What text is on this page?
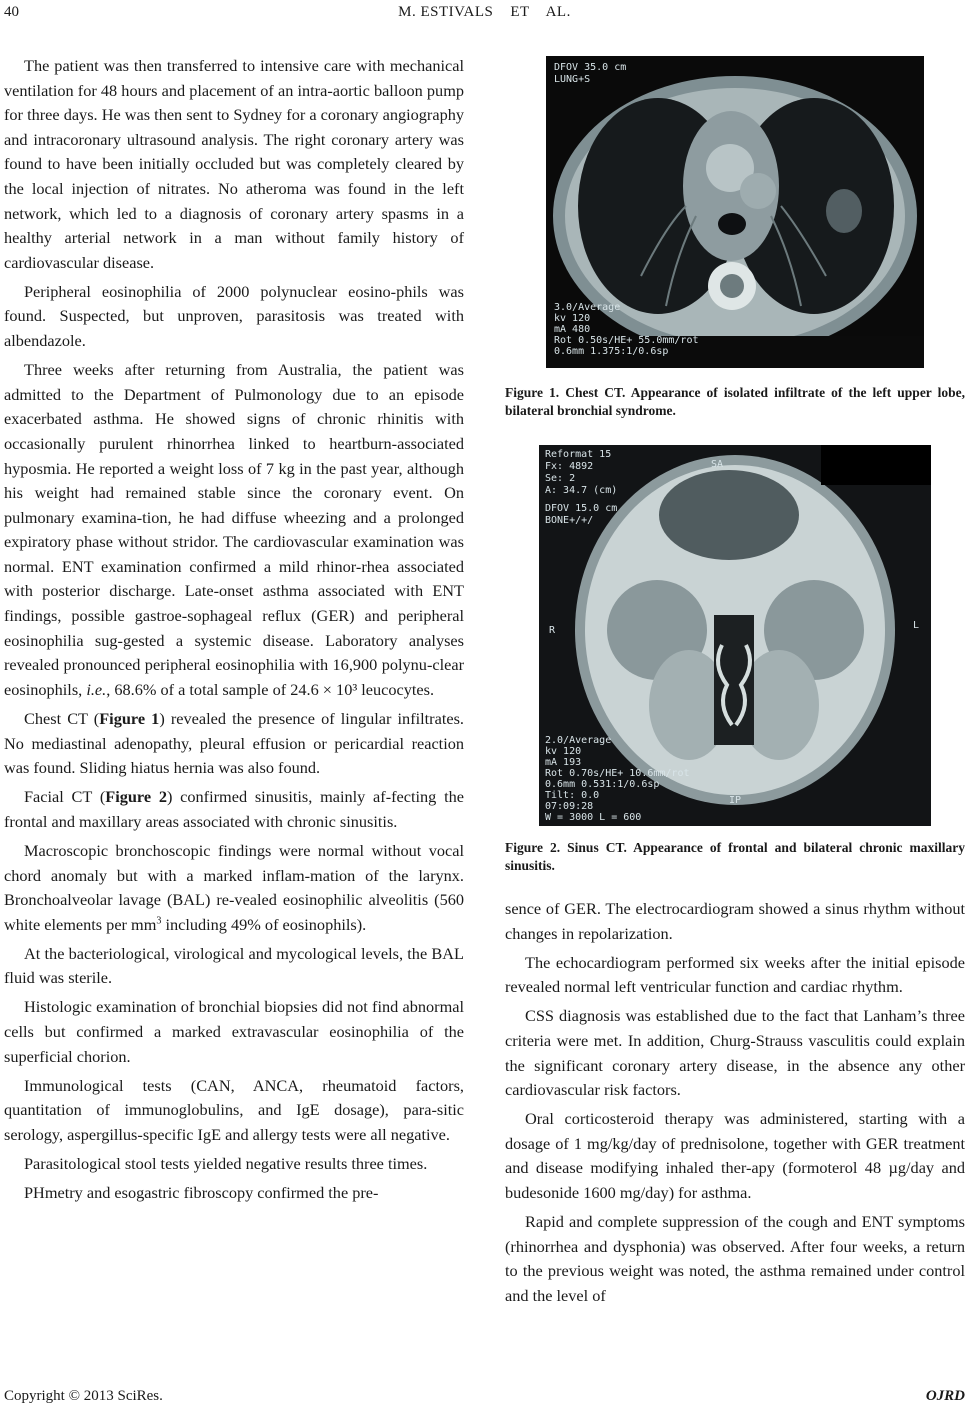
40	M. ESTIVALS    ET    AL.

The patient was then transferred to intensive care with mechanical ventilation for 48 hours and placement of an intra-aortic balloon pump for three days. He was then sent to Sydney for a coronary angiography and intracoronary ultrasound analysis. The right coronary artery was found to have been initially occluded but was completely cleared by the local injection of nitrates. No atheroma was found in the left network, which led to a diagnosis of coronary artery spasms in a healthy arterial network in a man without family history of cardiovascular disease.

Peripheral eosinophilia of 2000 polynuclear eosino-phils was found. Suspected, but unproven, parasitosis was treated with albendazole.

Three weeks after returning from Australia, the patient was admitted to the Department of Pulmonology due to an episode exacerbated asthma. He showed signs of chronic rhinitis with occasionally purulent rhinorrhea linked to heartburn-associated hyposmia. He reported a weight loss of 7 kg in the past year, although his weight had remained stable since the coronary event. On pulmonary examina-tion, he had diffuse wheezing and a prolonged expiratory phase without stridor. The cardiovascular examination was normal. ENT examination confirmed a mild rhinor-rhea associated with posterior discharge. Late-onset asthma associated with ENT findings, possible gastroe-sophageal reflux (GER) and peripheral eosinophilia sug-gested a systemic disease. Laboratory analyses revealed pronounced peripheral eosinophilia with 16,900 polynu-clear eosinophils, i.e., 68.6% of a total sample of 24.6 × 10³ leucocytes.

Chest CT (Figure 1) revealed the presence of lingular infiltrates. No mediastinal adenopathy, pleural effusion or pericardial reaction was found. Sliding hiatus hernia was also found.

Facial CT (Figure 2) confirmed sinusitis, mainly af-fecting the frontal and maxillary areas associated with chronic sinusitis.

Macroscopic bronchoscopic findings were normal without vocal chord anomaly but with a marked inflam-mation of the larynx. Bronchoalveolar lavage (BAL) re-vealed eosinophilic alveolitis (560 white elements per $mm^3$ including 49% of eosinophils).

At the bacteriological, virological and mycological levels, the BAL fluid was sterile.

Histologic examination of bronchial biopsies did not find abnormal cells but confirmed a marked extravascular eosinophilia of the superficial chorion.

Immunological tests (CAN, ANCA, rheumatoid factors, quantitation of immunoglobulins, and IgE dosage), para-sitic serology, aspergillus-specific IgE and allergy tests were all negative.

Parasitological stool tests yielded negative results three times.

PHmetry and esogastric fibroscopy confirmed the pre-

DFOV 35.0 cm
LUNG+S
3.0/Average
kv 120
mA 480
Rot 0.50s/HE+ 55.0mm/rot
0.6mm 1.375:1/0.6sp
Figure 1. Chest CT. Appearance of isolated infiltrate of the left upper lobe, bilateral bronchial syndrome.
Reformat 15
Fx: 4892
Se: 2
A: 34.7 (cm)
DFOV 15.0 cm
BONE+/+/
SA
R	L
IP
2.0/Average
kv 120
mA 193
Rot 0.70s/HE+ 10.6mm/rot
0.6mm 0.531:1/0.6sp
Tilt: 0.0
07:09:28
W = 3000 L = 600
Figure 2. Sinus CT. Appearance of frontal and bilateral chronic maxillary sinusitis.

sence of GER. The electrocardiogram showed a sinus rhythm without changes in repolarization.

The echocardiogram performed six weeks after the initial episode revealed normal left ventricular function and cardiac rhythm.

CSS diagnosis was established due to the fact that Lanham’s three criteria were met. In addition, Churg-Strauss vasculitis could explain the significant coronary artery disease, in the absence any other cardiovascular risk factors.

Oral corticosteroid therapy was administered, starting with a dosage of 1 mg/kg/day of prednisolone, together with GER treatment and disease modifying inhaled ther-apy (formoterol 48 µg/day and budesonide 1600 mg/day) for asthma.

Rapid and complete suppression of the cough and ENT symptoms (rhinorrhea and dysphonia) was observed. After four weeks, a return to the previous weight was noted, the asthma remained under control and the level of

Copyright © 2013 SciRes.	OJRD
